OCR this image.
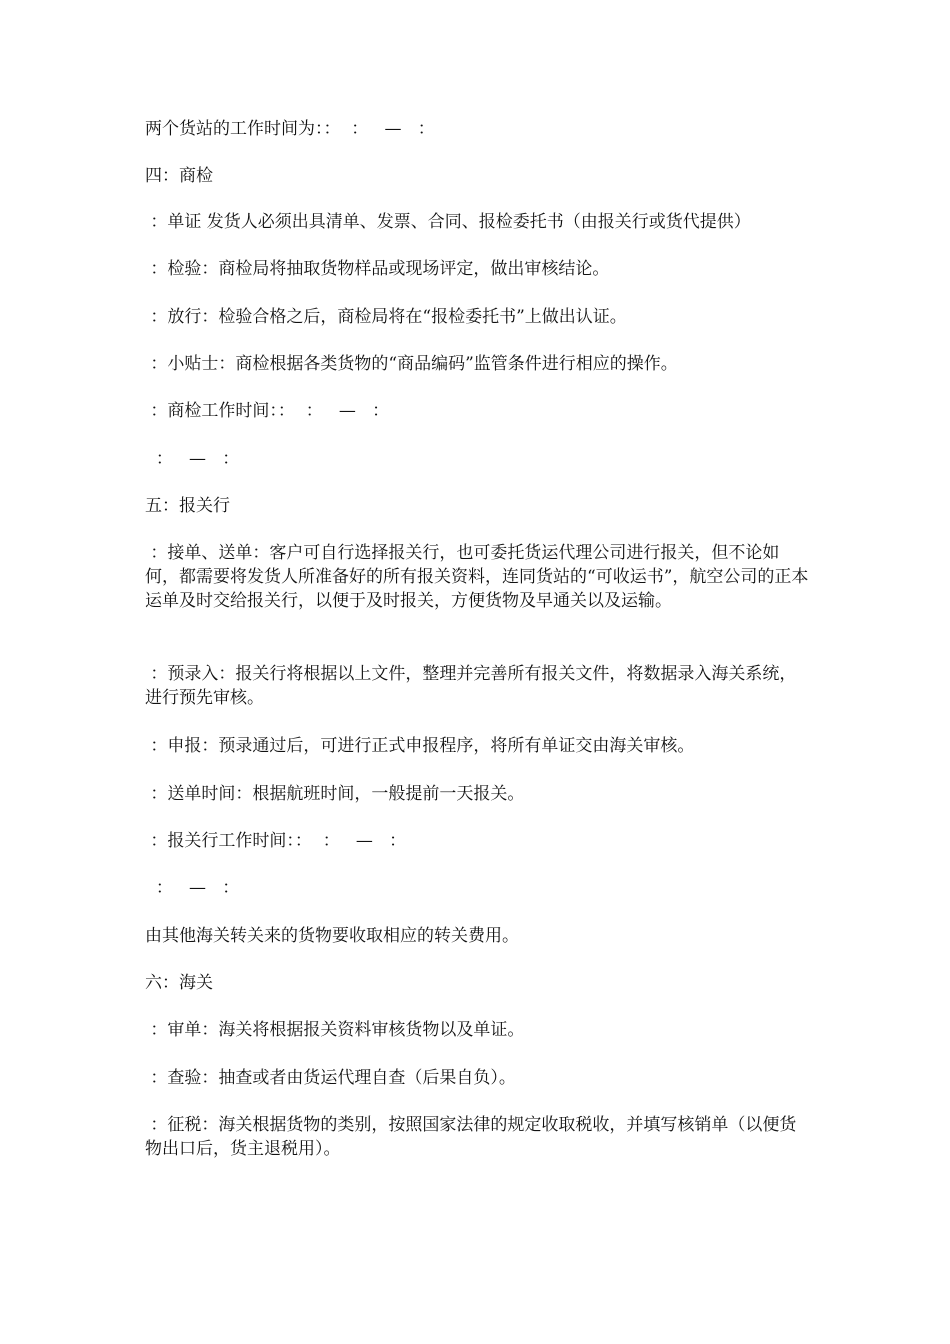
两个货站的工作时间为：：  ：   —   ：

四：商检

：单证 发货人必须出具清单、发票、合同、报检委托书（由报关行或货代提供）

：检验：商检局将抽取货物样品或现场评定，做出审核结论。

：放行：检验合格之后，商检局将在“报检委托书”上做出认证。

：小贴士：商检根据各类货物的“商品编码”监管条件进行相应的操作。

：商检工作时间：：  ：   —   ：

：   —   ：

五：报关行

：接单、送单：客户可自行选择报关行，也可委托货运代理公司进行报关，但不论如何，都需要将发货人所准备好的所有报关资料，连同货站的“可收运书”，航空公司的正本运单及时交给报关行，以便于及时报关，方便货物及早通关以及运输。

：预录入：报关行将根据以上文件，整理并完善所有报关文件，将数据录入海关系统，进行预先审核。

：申报：预录通过后，可进行正式申报程序，将所有单证交由海关审核。

：送单时间：根据航班时间，一般提前一天报关。

：报关行工作时间：：  ：   —   ：

：   —   ：

由其他海关转关来的货物要收取相应的转关费用。

六：海关

：审单：海关将根据报关资料审核货物以及单证。

：查验：抽查或者由货运代理自查（后果自负）。

：征税：海关根据货物的类别，按照国家法律的规定收取税收，并填写核销单（以便货物出口后，货主退税用）。
